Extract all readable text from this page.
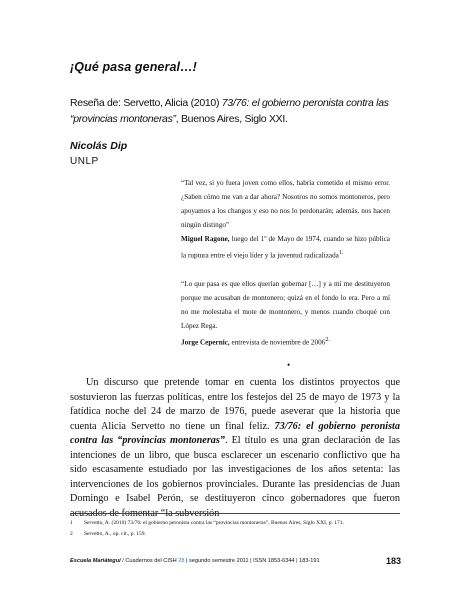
¡Qué pasa general…!
Reseña de: Servetto, Alicia (2010) 73/76: el gobierno peronista contra las “provincias montoneras”, Buenos Aires, Siglo XXI.
Nicolás Dip
UNLP

“Tal vez, si yo fuera joven como ellos, habría cometido el mismo error. ¿Saben cómo me van a dar ahora? Nosotros no somos montoneros, pero apoyamos a los changos y eso no nos lo perdonarán; además, nos hacen ningún distingo”

Miguel Ragone, luego del 1º de Mayo de 1974, cuando se hizo pública la ruptura entre el viejo líder y la juventud radicalizada$^{1.}$

“Lo que pasa es que ellos querían gobernar […] y a mí me destituyeron porque me acusaban de montonero; quizá en el fondo lo era. Pero a mí no me molestaba el mote de montonero, y menos cuando choqué con López Rega.

Jorge Cepernic, entrevista de noviembre de $2006^{2.}$

•

Un discurso que pretende tomar en cuenta los distintos proyectos que sostuvieron las fuerzas políticas, entre los festejos del 25 de mayo de 1973 y la fatídica noche del 24 de marzo de 1976, puede aseverar que la historia que cuenta Alicia Servetto no tiene un final feliz. 73/76: el gobierno peronista contra las “provincias montoneras”. El título es una gran declaración de las intenciones de un libro, que busca esclarecer un escenario conflictivo que ha sido escasamente estudiado por las investigaciones de los años setenta: las intervenciones de los gobiernos provinciales. Durante las presidencias de Juan Domingo e Isabel Perón, se destituyeron cinco gobernadores que fueron acusados de fomentar “la subversión

1 Servetto, A. (2010) 73/76: el gobierno peronista contra las “provincias montoneras”, Buenos Aires, Siglo XXI, p. 171.
2 Servetto, A., op. cit., p. 159.
Escuela Mariátegui / Cuadernos del CISH 28 | segundo semestre 2011 | ISSN 1853-6344 | 183-191	183
